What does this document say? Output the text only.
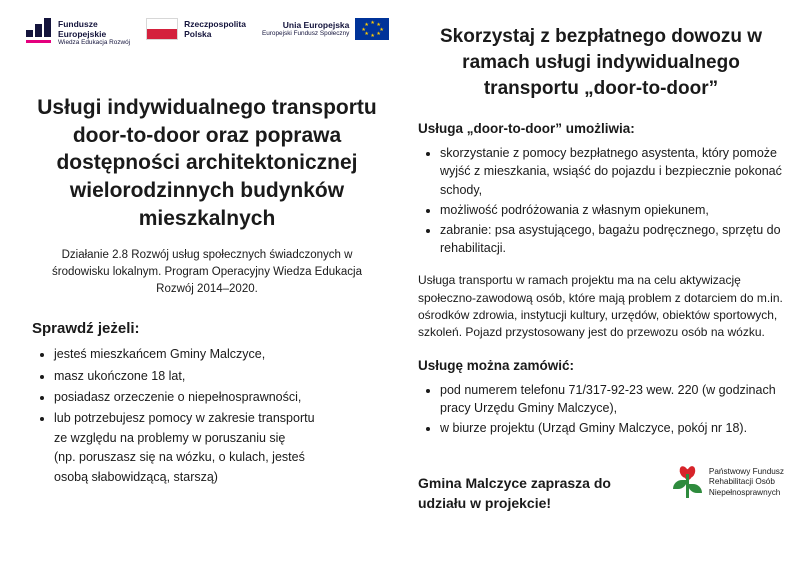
Fundusze
Europejskie
Wiedza Edukacja Rozwój
Rzeczpospolita
Polska
Unia Europejska
Europejski Fundusz Społeczny
★ ★
★
★
★
★
★
★
Usługi indywidualnego transportu door-to-door oraz poprawa dostępności architektonicznej wielorodzinnych budynków mieszkalnych
Działanie 2.8 Rozwój usług społecznych świadczonych w środowisku lokalnym. Program Operacyjny Wiedza Edukacja Rozwój 2014–2020.
Sprawdź jeżeli:
• jesteś mieszkańcem Gminy Malczyce,
• masz ukończone 18 lat,
• posiadasz orzeczenie o niepełnosprawności,
• lub potrzebujesz pomocy w zakresie transportu
ze względu na problemy w poruszaniu się
(np. poruszasz się na wózku, o kulach, jesteś
osobą słabowidzącą, starszą)
Skorzystaj z bezpłatnego dowozu w ramach usługi indywidualnego transportu „door-to-door”
Usługa „door-to-door” umożliwia:
• skorzystanie z pomocy bezpłatnego asystenta, który pomoże wyjść z mieszkania, wsiąść do pojazdu i bezpiecznie pokonać schody,
• możliwość podróżowania z własnym opiekunem,
• zabranie: psa asystującego, bagażu podręcznego, sprzętu do rehabilitacji.

Usługa transportu w ramach projektu ma na celu aktywizację społeczno-zawodową osób, które mają problem z dotarciem do m.in. ośrodków zdrowia, instytucji kultury, urzędów, obiektów sportowych, szkoleń. Pojazd przystosowany jest do przewozu osób na wózku.

Usługę można zamówić:
• pod numerem telefonu 71/317-92-23 wew. 220 (w godzinach pracy Urzędu Gminy Malczyce),
• w biurze projektu (Urząd Gminy Malczyce, pokój nr 18).
Gmina Malczyce zaprasza do udziału w projekcie!
Państwowy Fundusz
Rehabilitacji Osób
Niepełnosprawnych
